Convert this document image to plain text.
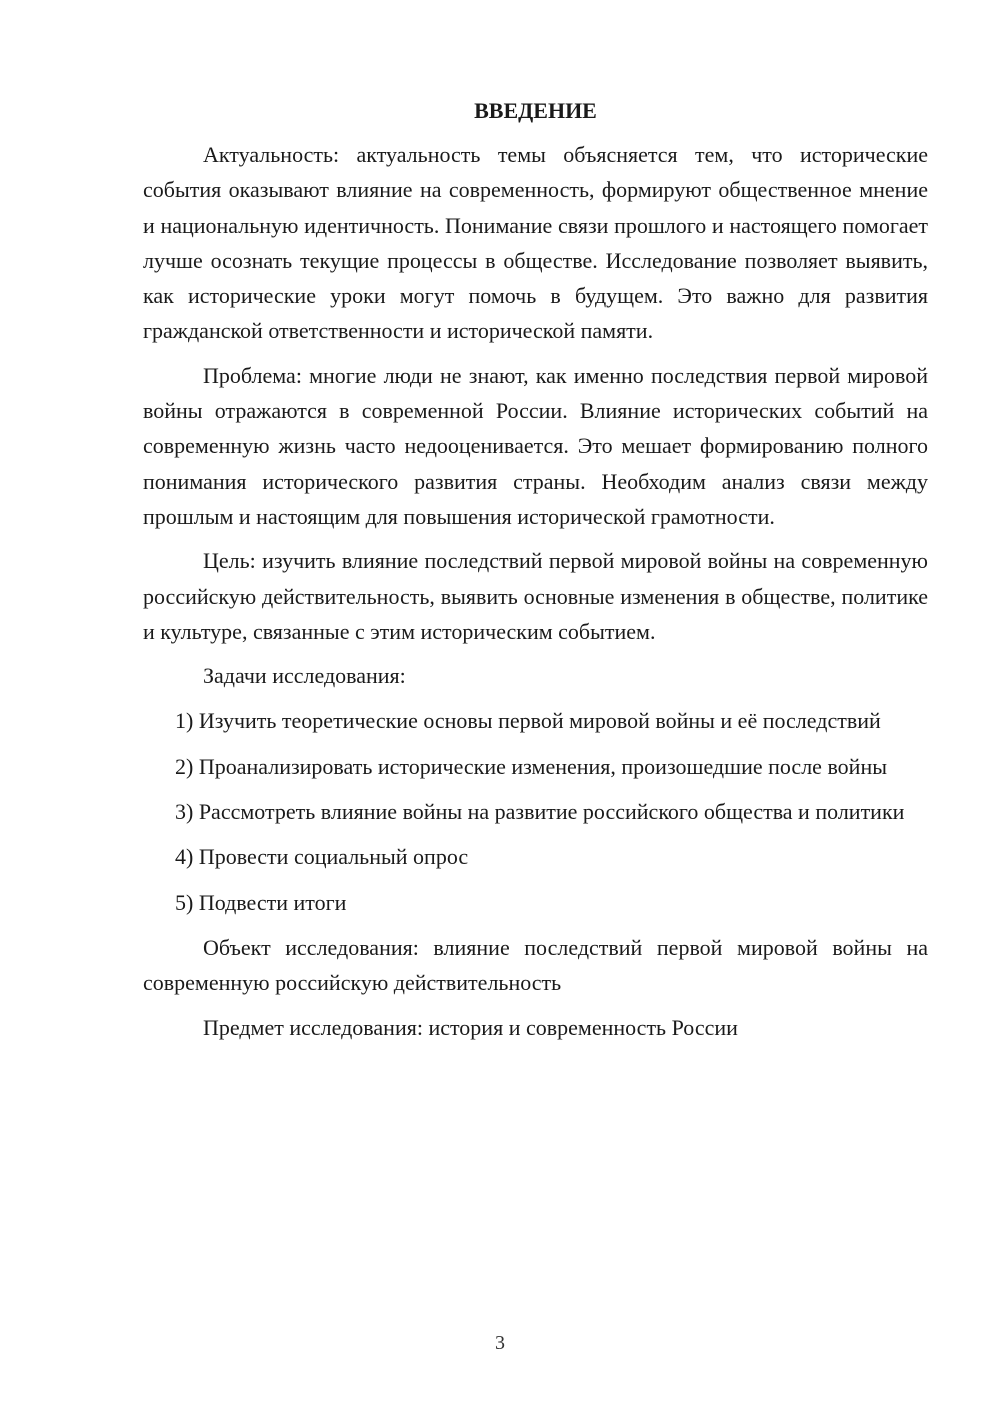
ВВЕДЕНИЕ

Актуальность: актуальность темы объясняется тем, что исторические события оказывают влияние на современность, формируют общественное мнение и национальную идентичность. Понимание связи прошлого и настоящего помогает лучше осознать текущие процессы в обществе. Исследование позволяет выявить, как исторические уроки могут помочь в будущем. Это важно для развития гражданской ответственности и исторической памяти.

Проблема: многие люди не знают, как именно последствия первой мировой войны отражаются в современной России. Влияние исторических событий на современную жизнь часто недооценивается. Это мешает формированию полного понимания исторического развития страны. Необходим анализ связи между прошлым и настоящим для повышения исторической грамотности.

Цель: изучить влияние последствий первой мировой войны на современную российскую действительность, выявить основные изменения в обществе, политике и культуре, связанные с этим историческим событием.

Задачи исследования:

1) Изучить теоретические основы первой мировой войны и её последствий

2) Проанализировать исторические изменения, произошедшие после войны

3) Рассмотреть влияние войны на развитие российского общества и политики

4) Провести социальный опрос

5) Подвести итоги

Объект исследования: влияние последствий первой мировой войны на современную российскую действительность

Предмет исследования: история и современность России

3
